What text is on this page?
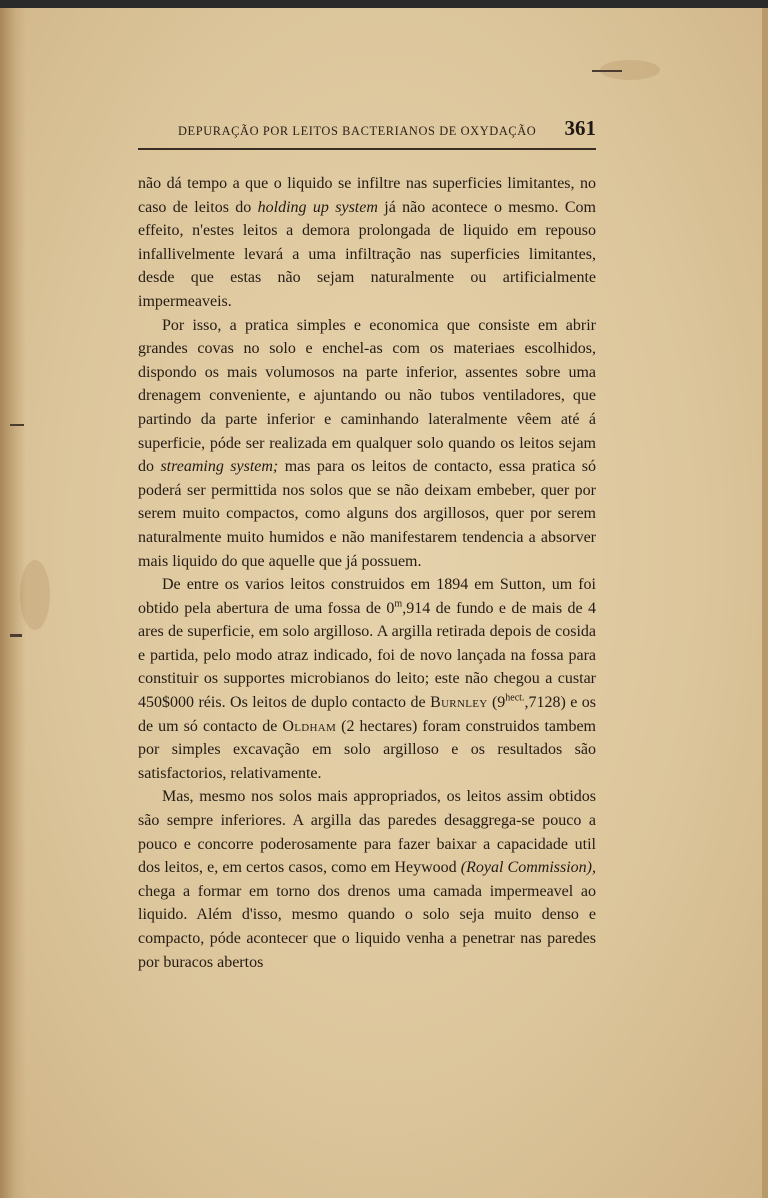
DEPURAÇÃO POR LEITOS BACTERIANOS DE OXYDAÇÃO 361

não dá tempo a que o liquido se infiltre nas superficies limitantes, no caso de leitos do holding up system já não acontece o mesmo. Com effeito, n'estes leitos a demora prolongada de liquido em repouso infallivelmente levará a uma infiltração nas superficies limitantes, desde que estas não sejam naturalmente ou artificialmente impermeaveis.

Por isso, a pratica simples e economica que consiste em abrir grandes covas no solo e enchel-as com os materiaes escolhidos, dispondo os mais volumosos na parte inferior, assentes sobre uma drenagem conveniente, e ajuntando ou não tubos ventiladores, que partindo da parte inferior e caminhando lateralmente vêem até á superficie, póde ser realizada em qualquer solo quando os leitos sejam do streaming system; mas para os leitos de contacto, essa pratica só poderá ser permittida nos solos que se não deixam embeber, quer por serem muito compactos, como alguns dos argillosos, quer por serem naturalmente muito humidos e não manifestarem tendencia a absorver mais liquido do que aquelle que já possuem.

De entre os varios leitos construidos em 1894 em Sutton, um foi obtido pela abertura de uma fossa de 0$^m$,914 de fundo e de mais de 4 ares de superficie, em solo argilloso. A argilla retirada depois de cosida e partida, pelo modo atraz indicado, foi de novo lançada na fossa para constituir os supportes microbianos do leito; este não chegou a custar 450$000 réis. Os leitos de duplo contacto de Burnley $(9^{hect.},7128)$ e os de um só contacto de Oldham (2 hectares) foram construidos tambem por simples excavação em solo argilloso e os resultados são satisfactorios, relativamente.

Mas, mesmo nos solos mais appropriados, os leitos assim obtidos são sempre inferiores. A argilla das paredes desaggrega-se pouco a pouco e concorre poderosamente para fazer baixar a capacidade util dos leitos, e, em certos casos, como em Heywood (Royal Commission), chega a formar em torno dos drenos uma camada impermeavel ao liquido. Além d'isso, mesmo quando o solo seja muito denso e compacto, póde acontecer que o liquido venha a penetrar nas paredes por buracos abertos
